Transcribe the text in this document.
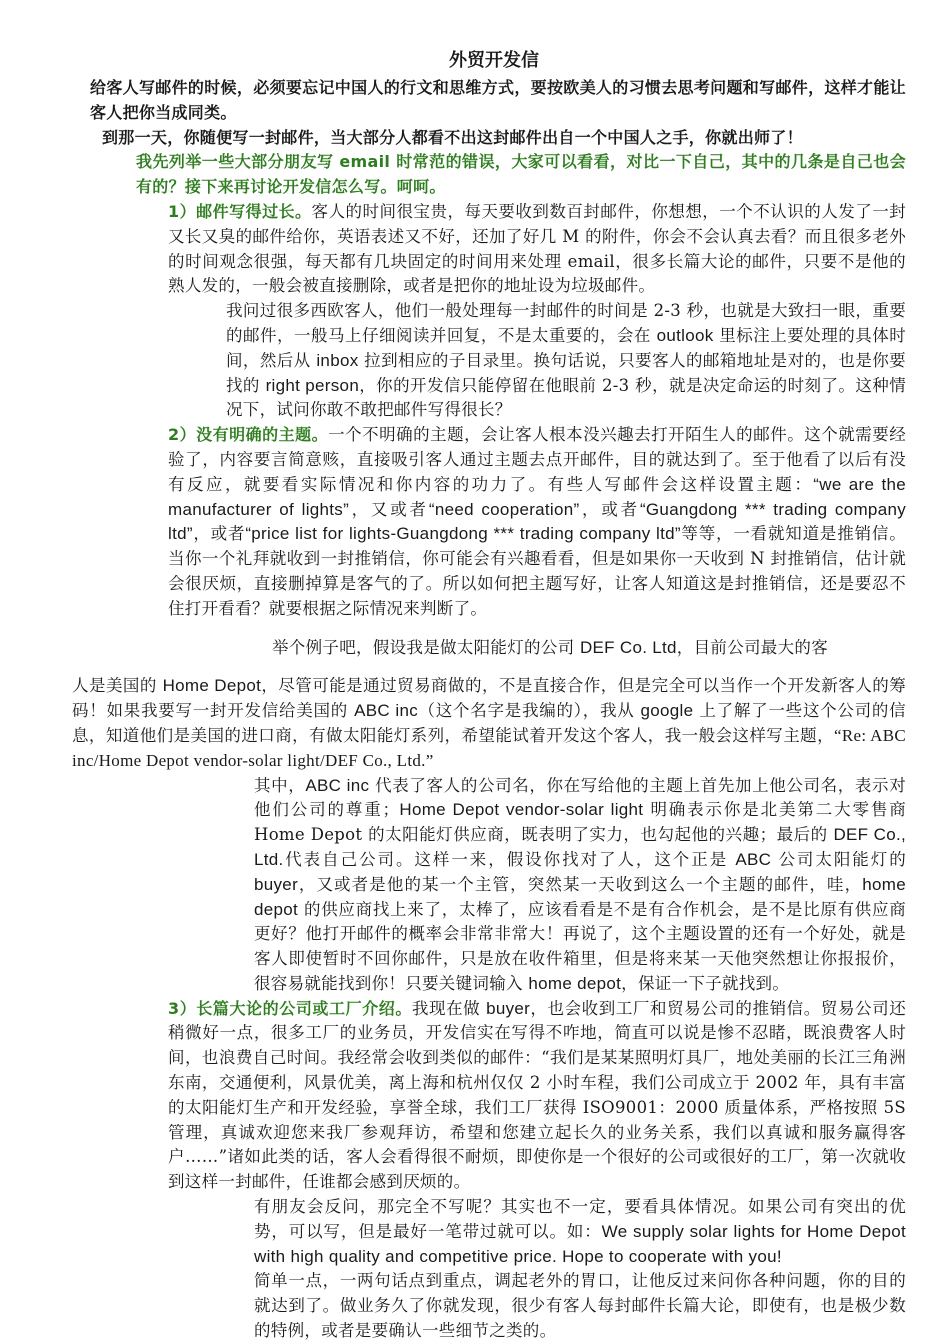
外贸开发信

给客人写邮件的时候，必须要忘记中国人的行文和思维方式，要按欧美人的习惯去思考问题和写邮件，这样才能让客人把你当成同类。

到那一天，你随便写一封邮件，当大部分人都看不出这封邮件出自一个中国人之手，你就出师了！

我先列举一些大部分朋友写 email 时常范的错误，大家可以看看，对比一下自己，其中的几条是自己也会有的？接下来再讨论开发信怎么写。呵呵。

1）邮件写得过长。客人的时间很宝贵，每天要收到数百封邮件，你想想，一个不认识的人发了一封又长又臭的邮件给你，英语表述又不好，还加了好几 M 的附件，你会不会认真去看？而且很多老外的时间观念很强，每天都有几块固定的时间用来处理 email，很多长篇大论的邮件，只要不是他的熟人发的，一般会被直接删除，或者是把你的地址设为垃圾邮件。

我问过很多西欧客人，他们一般处理每一封邮件的时间是 2-3 秒，也就是大致扫一眼，重要的邮件，一般马上仔细阅读并回复，不是太重要的，会在 outlook 里标注上要处理的具体时间，然后从 inbox 拉到相应的子目录里。换句话说，只要客人的邮箱地址是对的，也是你要找的 right person，你的开发信只能停留在他眼前 2-3 秒，就是决定命运的时刻了。这种情况下，试问你敢不敢把邮件写得很长？

2）没有明确的主题。一个不明确的主题，会让客人根本没兴趣去打开陌生人的邮件。这个就需要经验了，内容要言简意赅，直接吸引客人通过主题去点开邮件，目的就达到了。至于他看了以后有没有反应，就要看实际情况和你内容的功力了。有些人写邮件会这样设置主题：“we are the manufacturer of lights”，又或者“need cooperation”，或者“Guangdong *** trading company ltd”，或者“price list for lights-Guangdong *** trading company ltd”等等，一看就知道是推销信。当你一个礼拜就收到一封推销信，你可能会有兴趣看看，但是如果你一天收到 N 封推销信，估计就会很厌烦，直接删掉算是客气的了。所以如何把主题写好，让客人知道这是封推销信，还是要忍不住打开看看？就要根据之际情况来判断了。

举个例子吧，假设我是做太阳能灯的公司 DEF Co. Ltd，目前公司最大的客

人是美国的 Home Depot，尽管可能是通过贸易商做的，不是直接合作，但是完全可以当作一个开发新客人的筹码！如果我要写一封开发信给美国的 ABC inc（这个名字是我编的），我从 google 上了解了一些这个公司的信息，知道他们是美国的进口商，有做太阳能灯系列，希望能试着开发这个客人，我一般会这样写主题，“Re: ABC inc/Home Depot vendor-solar light/DEF Co., Ltd.”

其中，ABC inc 代表了客人的公司名，你在写给他的主题上首先加上他公司名，表示对他们公司的尊重；Home Depot vendor-solar light 明确表示你是北美第二大零售商 Home Depot 的太阳能灯供应商，既表明了实力，也勾起他的兴趣；最后的 DEF Co., Ltd.代表自己公司。这样一来，假设你找对了人，这个正是 ABC 公司太阳能灯的 buyer，又或者是他的某一个主管，突然某一天收到这么一个主题的邮件，哇，home depot 的供应商找上来了，太棒了，应该看看是不是有合作机会，是不是比原有供应商更好？他打开邮件的概率会非常非常大！再说了，这个主题设置的还有一个好处，就是客人即使暂时不回你邮件，只是放在收件箱里，但是将来某一天他突然想让你报报价，很容易就能找到你！只要关键词输入 home depot，保证一下子就找到。

3）长篇大论的公司或工厂介绍。我现在做 buyer，也会收到工厂和贸易公司的推销信。贸易公司还稍微好一点，很多工厂的业务员，开发信实在写得不咋地，简直可以说是惨不忍睹，既浪费客人时间，也浪费自己时间。我经常会收到类似的邮件：“我们是某某照明灯具厂，地处美丽的长江三角洲东南，交通便利，风景优美，离上海和杭州仅仅 2 小时车程，我们公司成立于 2002 年，具有丰富的太阳能灯生产和开发经验，享誉全球，我们工厂获得 ISO9001：2000 质量体系，严格按照 5S 管理，真诚欢迎您来我厂参观拜访，希望和您建立起长久的业务关系，我们以真诚和服务赢得客户……”诸如此类的话，客人会看得很不耐烦，即使你是一个很好的公司或很好的工厂，第一次就收到这样一封邮件，任谁都会感到厌烦的。

有朋友会反问，那完全不写呢？其实也不一定，要看具体情况。如果公司有突出的优势，可以写，但是最好一笔带过就可以。如：We supply solar lights for Home Depot with high quality and competitive price. Hope to cooperate with you!

简单一点，一两句话点到重点，调起老外的胃口，让他反过来问你各种问题，你的目的就达到了。做业务久了你就发现，很少有客人每封邮件长篇大论，即使有，也是极少数的特例，或者是要确认一些细节之类的。
